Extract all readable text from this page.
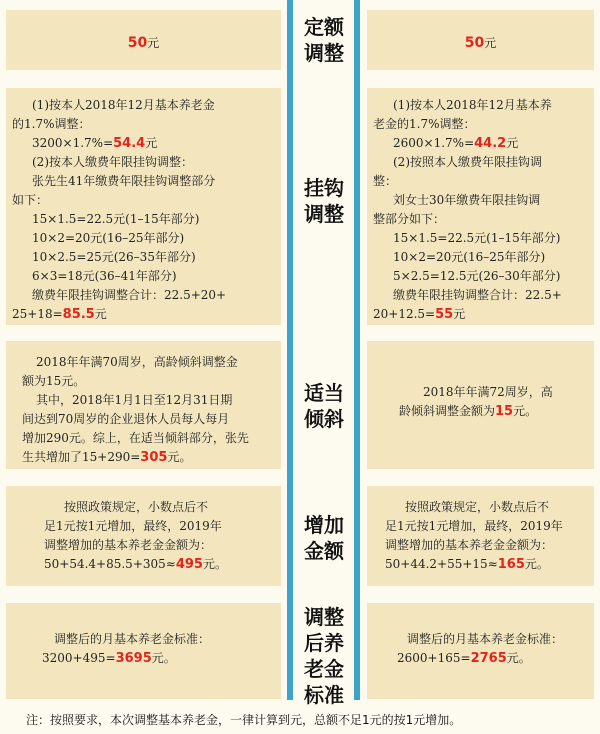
50元
定额
调整	50元
(1)按本人2018年12月基本养老金
的1.7%调整：
3200×1.7%=54.4元
(2)按本人缴费年限挂钩调整：
张先生41年缴费年限挂钩调整部分
如下：
15×1.5=22.5元(1–15年部分)
10×2=20元(16–25年部分)
10×2.5=25元(26–35年部分)
6×3=18元(36–41年部分)
缴费年限挂钩调整合计：22.5+20+
25+18=85.5元
挂钩
调整
(1)按本人2018年12月基本养
老金的1.7%调整：
2600×1.7%=44.2元
(2)按照本人缴费年限挂钩调
整：
刘女士30年缴费年限挂钩调
整部分如下：
15×1.5=22.5元(1–15年部分)
10×2=20元(16–25年部分)
5×2.5=12.5元(26–30年部分)
缴费年限挂钩调整合计：22.5+
20+12.5=55元
2018年年满70周岁，高龄倾斜调整金
额为15元。
其中，2018年1月1日至12月31日期
间达到70周岁的企业退休人员每人每月
增加290元。综上，在适当倾斜部分，张先
生共增加了15+290=305元。
适当
倾斜
2018年年满72周岁，高
龄倾斜调整金额为15元。
按照政策规定，小数点后不
足1元按1元增加，最终，2019年
调整增加的基本养老金金额为：
50+54.4+85.5+305≈495元。
增加
金额
按照政策规定，小数点后不
足1元按1元增加，最终，2019年
调整增加的基本养老金金额为：
50+44.2+55+15≈165元。
调整后的月基本养老金标准：
3200+495=3695元。
调整
后养
老金
标准
调整后的月基本养老金标准：
2600+165=2765元。
注：按照要求，本次调整基本养老金，一律计算到元，总额不足1元的按1元增加。
